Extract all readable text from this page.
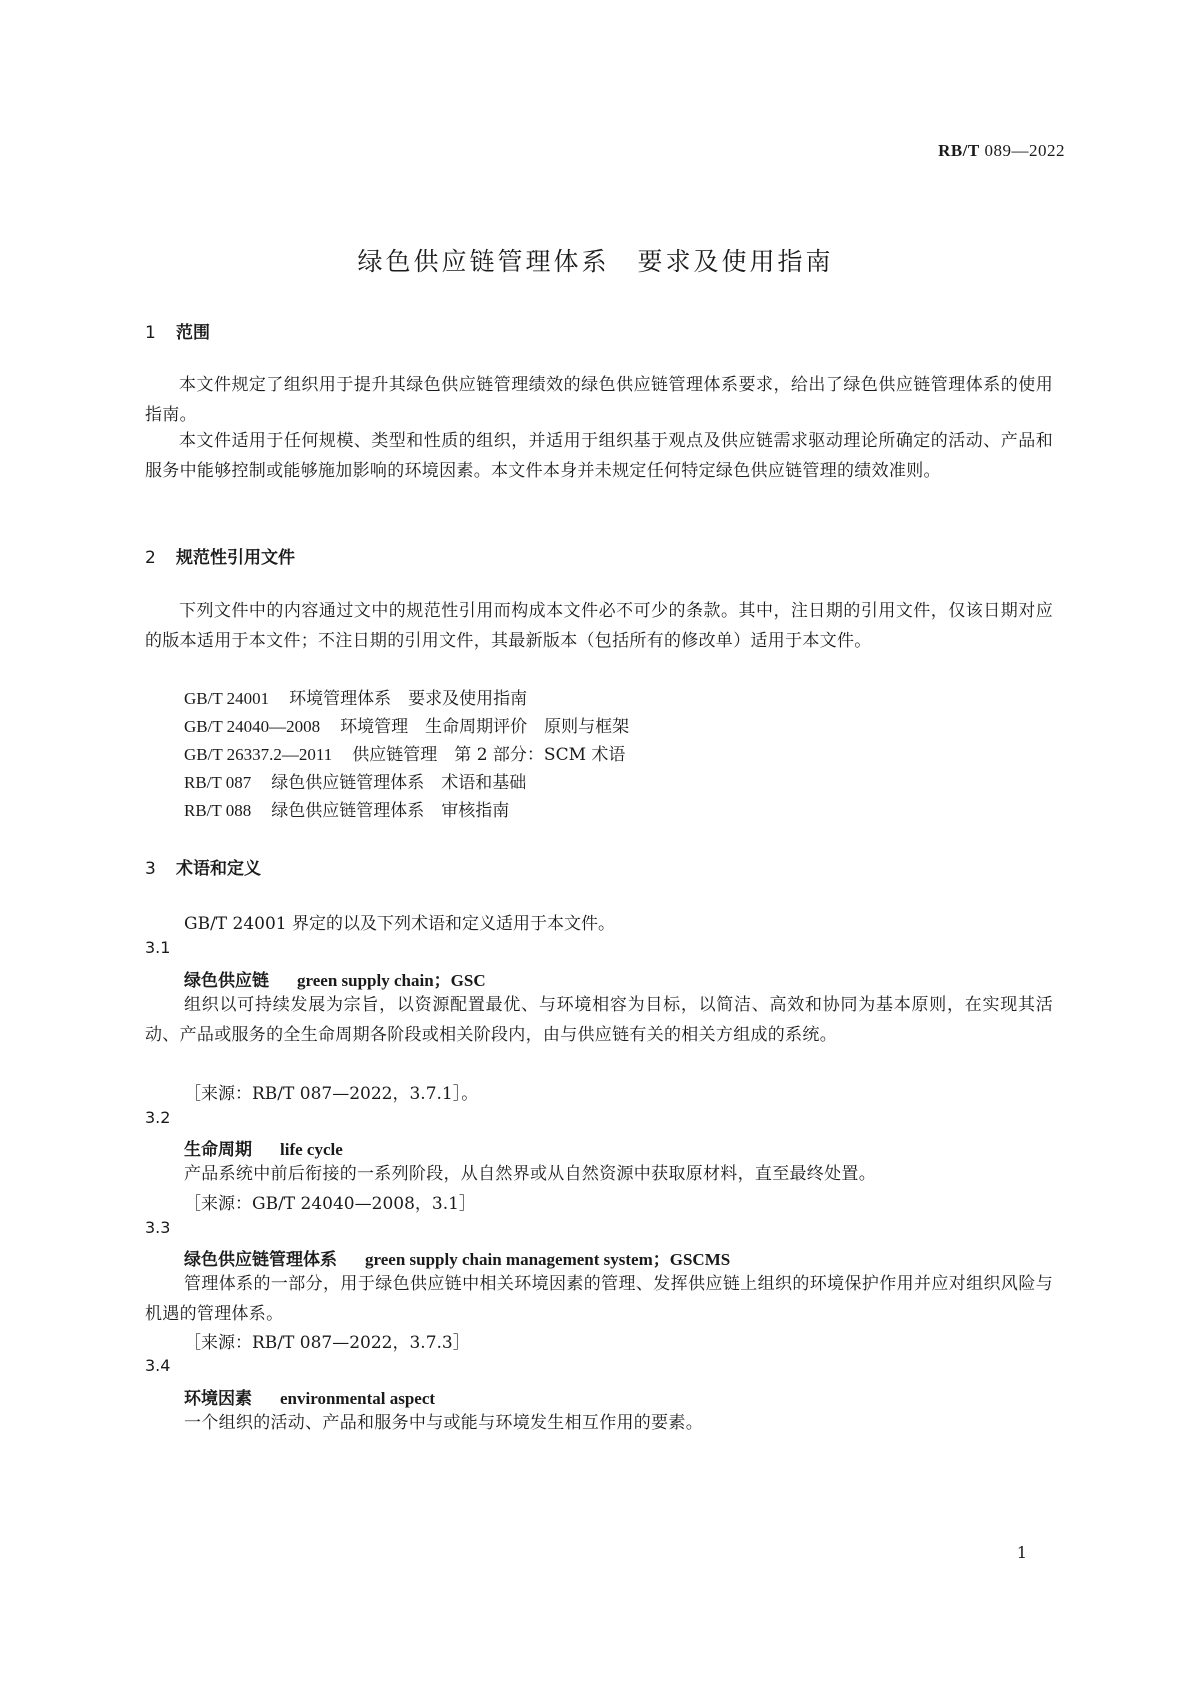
RB/T 089—2022
绿色供应链管理体系　要求及使用指南
1 范围
本文件规定了组织用于提升其绿色供应链管理绩效的绿色供应链管理体系要求，给出了绿色供应链管理体系的使用指南。
本文件适用于任何规模、类型和性质的组织，并适用于组织基于观点及供应链需求驱动理论所确定的活动、产品和服务中能够控制或能够施加影响的环境因素。本文件本身并未规定任何特定绿色供应链管理的绩效准则。
2 规范性引用文件
下列文件中的内容通过文中的规范性引用而构成本文件必不可少的条款。其中，注日期的引用文件，仅该日期对应的版本适用于本文件；不注日期的引用文件，其最新版本（包括所有的修改单）适用于本文件。
GB/T 24001 环境管理体系　要求及使用指南
GB/T 24040—2008 环境管理　生命周期评价　原则与框架
GB/T 26337.2—2011 供应链管理　第 2 部分：SCM 术语
RB/T 087 绿色供应链管理体系　术语和基础
RB/T 088 绿色供应链管理体系　审核指南
3 术语和定义
GB/T 24001 界定的以及下列术语和定义适用于本文件。
3.1
绿色供应链 green supply chain；GSC
组织以可持续发展为宗旨，以资源配置最优、与环境相容为目标，以简洁、高效和协同为基本原则，在实现其活动、产品或服务的全生命周期各阶段或相关阶段内，由与供应链有关的相关方组成的系统。
［来源：RB/T 087—2022，3.7.1］。
3.2
生命周期 life cycle
产品系统中前后衔接的一系列阶段，从自然界或从自然资源中获取原材料，直至最终处置。
［来源：GB/T 24040—2008，3.1］
3.3
绿色供应链管理体系 green supply chain management system；GSCMS
管理体系的一部分，用于绿色供应链中相关环境因素的管理、发挥供应链上组织的环境保护作用并应对组织风险与机遇的管理体系。
［来源：RB/T 087—2022，3.7.3］
3.4
环境因素 environmental aspect
一个组织的活动、产品和服务中与或能与环境发生相互作用的要素。
1
